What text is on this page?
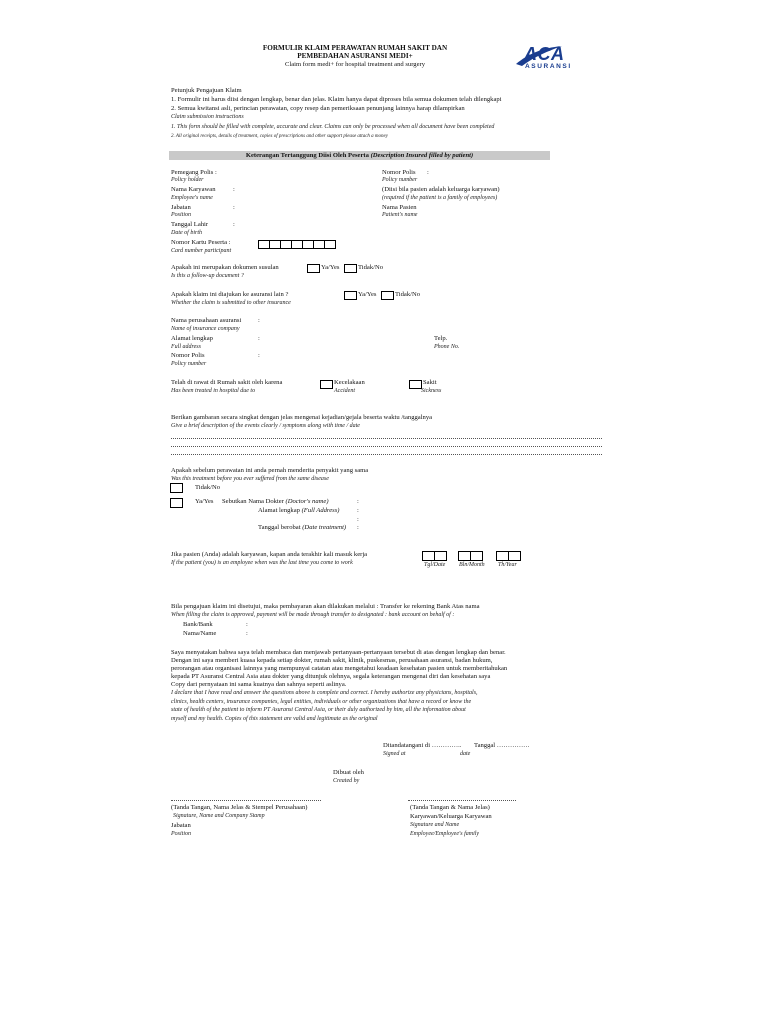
FORMULIR KLAIM PERAWATAN RUMAH SAKIT DAN
PEMBEDAHAN ASURANSI MEDI+
Claim form medi+ for hospital treatment and surgery
ACA
ASURANSI
Petunjuk Pengajuan Klaim
1. Formulir ini harus diisi dengan lengkap, benar dan jelas. Klaim hanya dapat diproses bila semua dokumen telah dilengkapi
2. Semua kwitansi asli, perincian perawatan, copy resep dan pemeriksaan penunjang lainnya harap dilampirkan
Claim submission instructions
1. This form should be filled with complete, accurate and clear. Claims can only be processed when all document have been completed
2. All original receipts, details of treatment, copies of prescriptions and other support please attach a money
Keterangan Tertanggung Diisi Oleh Peserta (Description Insured filled by patient)
Pemegang Polis :
Policy holder
Nama Karyawan	:
Employee's name
Jabatan	:
Position
Tanggal Lahir	:
Date of birth
Nomor Kartu Peserta :
Card number participant
Nomor Polis :
Policy number
(Diisi bila pasien adalah keluarga karyawan)
(required if the patient is a family of employees)
Nama Pasien
Patient's name
Apakah ini merupakan dokumen susulan
Is this a follow-up document ?
Ya/Yes	Tidak/No
Apakah klaim ini diajukan ke asuransi lain ?
Whether the claim is submitted to other insurance
Ya/Yes	Tidak/No
Nama perusahaan asuransi	:
Name of insurance company
Alamat lengkap	:
Full address
Nomor Polis	:
Policy number
Telp.
Phone No.
Telah di rawat di Rumah sakit oleh karena
Has been treated in hospital due to
Kecelakaan
Accident
Sakit
Sickness
Berikan gambaran secara singkat dengan jelas mengenai kejadian/gejala beserta waktu /tanggalnya
Give a brief description of the events clearly / symptoms along with time / date
Apakah sebelum perawatan ini anda pernah menderita penyakit yang sama
Was this treatment before you ever suffered from the same disease
Tidak/No
Ya/Yes Sebutkan Nama Dokter (Doctor's name)	:
Alamat lengkap (Full Address)	:
:
Tanggal berobat (Date treatment) :
Jika pasien (Anda) adalah karyawan, kapan anda terakhir kali masuk kerja
If the patient (you) is an employee when was the last time you come to work	Tgl/Date Bln/Month Th/Year
Bila pengajuan klaim ini disetujui, maka pembayaran akan dilakukan melalui : Transfer ke rekening Bank Atas nama
When filling the claim is approved, payment will be made through transfer to designated : bank account on behalf of :
Bank/Bank	:
Nama/Name	:
Saya menyatakan bahwa saya telah membaca dan menjawab pertanyaan-pertanyaan tersebut di atas dengan lengkap dan benar.
Dengan ini saya memberi kuasa kepada setiap dokter, rumah sakit, klinik, puskesmas, perusahaan asuransi, badan hukum,
perorangan atau organisasi lainnya yang mempunyai catatan atau mengetahui keadaan kesehatan pasien untuk memberitahukan
kepada PT Asuransi Central Asia atau dokter yang ditunjuk olehnya, segala keterangan mengenai diri dan kesehatan saya
Copy dari pernyataan ini sama kuatnya dan sahnya seperti aslinya.
I declare that I have read and answer the questions above is complete and correct. I hereby authorize any physicians, hospitals,
clinics, health centers, insurance companies, legal entities, individuals or other organizations that have a record or know the
state of health of the patient to inform PT Asuransi Central Asia, or their duly authorized by him, all the information about
myself and my health. Copies of this statement are valid and legitimate as the original
Ditandatangani di ………….. Tanggal ……………
Signed at	date
Dibuat oleh
Created by
(Tanda Tangan, Nama Jelas & Stempel Perusahaan)
Signature, Name and Company Stamp
Jabatan
Position
(Tanda Tangan & Nama Jelas)
Karyawan/Keluarga Karyawan
Signature and Name
Employee/Employee's family
